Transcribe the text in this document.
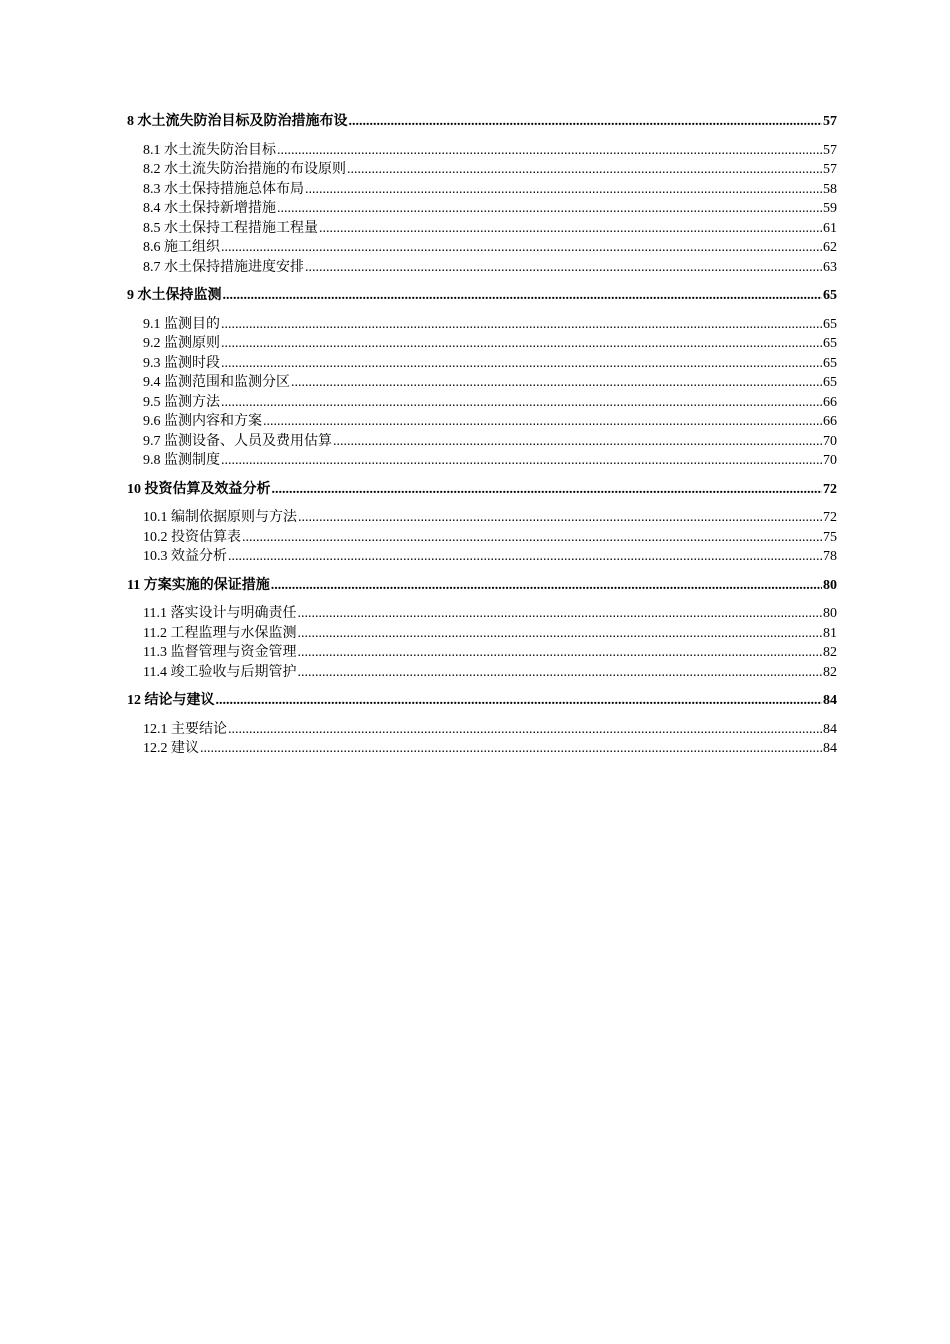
8 水土流失防治目标及防治措施布设 .....	57
8.1 水土流失防治目标 .....	57
8.2 水土流失防治措施的布设原则 .....	57
8.3 水土保持措施总体布局 .....	58
8.4 水土保持新增措施 .....	59
8.5 水土保持工程措施工程量 .....	61
8.6 施工组织 .....	62
8.7 水土保持措施进度安排 .....	63
9 水土保持监测 .....	65
9.1 监测目的 .....	65
9.2 监测原则 .....	65
9.3 监测时段 .....	65
9.4 监测范围和监测分区 .....	65
9.5 监测方法 .....	66
9.6 监测内容和方案 .....	66
9.7 监测设备、人员及费用估算 .....	70
9.8 监测制度 .....	70
10 投资估算及效益分析 .....	72
10.1 编制依据原则与方法 .....	72
10.2 投资估算表 .....	75
10.3 效益分析 .....	78
11 方案实施的保证措施 .....	80
11.1 落实设计与明确责任 .....	80
11.2 工程监理与水保监测 .....	81
11.3 监督管理与资金管理 .....	82
11.4 竣工验收与后期管护 .....	82
12 结论与建议 .....	84
12.1 主要结论 .....	84
12.2 建议 .....	84
